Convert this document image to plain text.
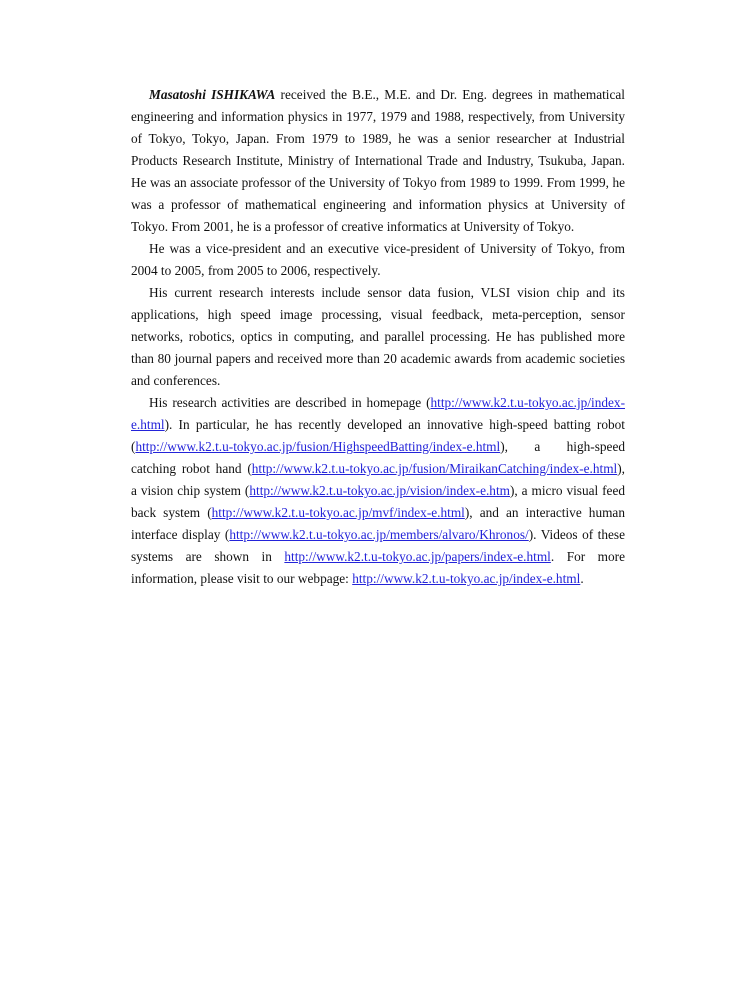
Masatoshi ISHIKAWA received the B.E., M.E. and Dr. Eng. degrees in mathematical engineering and information physics in 1977, 1979 and 1988, respectively, from University of Tokyo, Tokyo, Japan. From 1979 to 1989, he was a senior researcher at Industrial Products Research Institute, Ministry of International Trade and Industry, Tsukuba, Japan. He was an associate professor of the University of Tokyo from 1989 to 1999. From 1999, he was a professor of mathematical engineering and information physics at University of Tokyo. From 2001, he is a professor of creative informatics at University of Tokyo.

He was a vice-president and an executive vice-president of University of Tokyo, from 2004 to 2005, from 2005 to 2006, respectively.

His current research interests include sensor data fusion, VLSI vision chip and its applications, high speed image processing, visual feedback, meta-perception, sensor networks, robotics, optics in computing, and parallel processing. He has published more than 80 journal papers and received more than 20 academic awards from academic societies and conferences.

His research activities are described in homepage (http://www.k2.t.u-tokyo.ac.jp/index-e.html). In particular, he has recently developed an innovative high-speed batting robot (http://www.k2.t.u-tokyo.ac.jp/fusion/HighspeedBatting/index-e.html), a high-speed catching robot hand (http://www.k2.t.u-tokyo.ac.jp/fusion/MiraikanCatching/index-e.html), a vision chip system (http://www.k2.t.u-tokyo.ac.jp/vision/index-e.htm), a micro visual feed back system (http://www.k2.t.u-tokyo.ac.jp/mvf/index-e.html), and an interactive human interface display (http://www.k2.t.u-tokyo.ac.jp/members/alvaro/Khronos/). Videos of these systems are shown in http://www.k2.t.u-tokyo.ac.jp/papers/index-e.html. For more information, please visit to our webpage: http://www.k2.t.u-tokyo.ac.jp/index-e.html.
